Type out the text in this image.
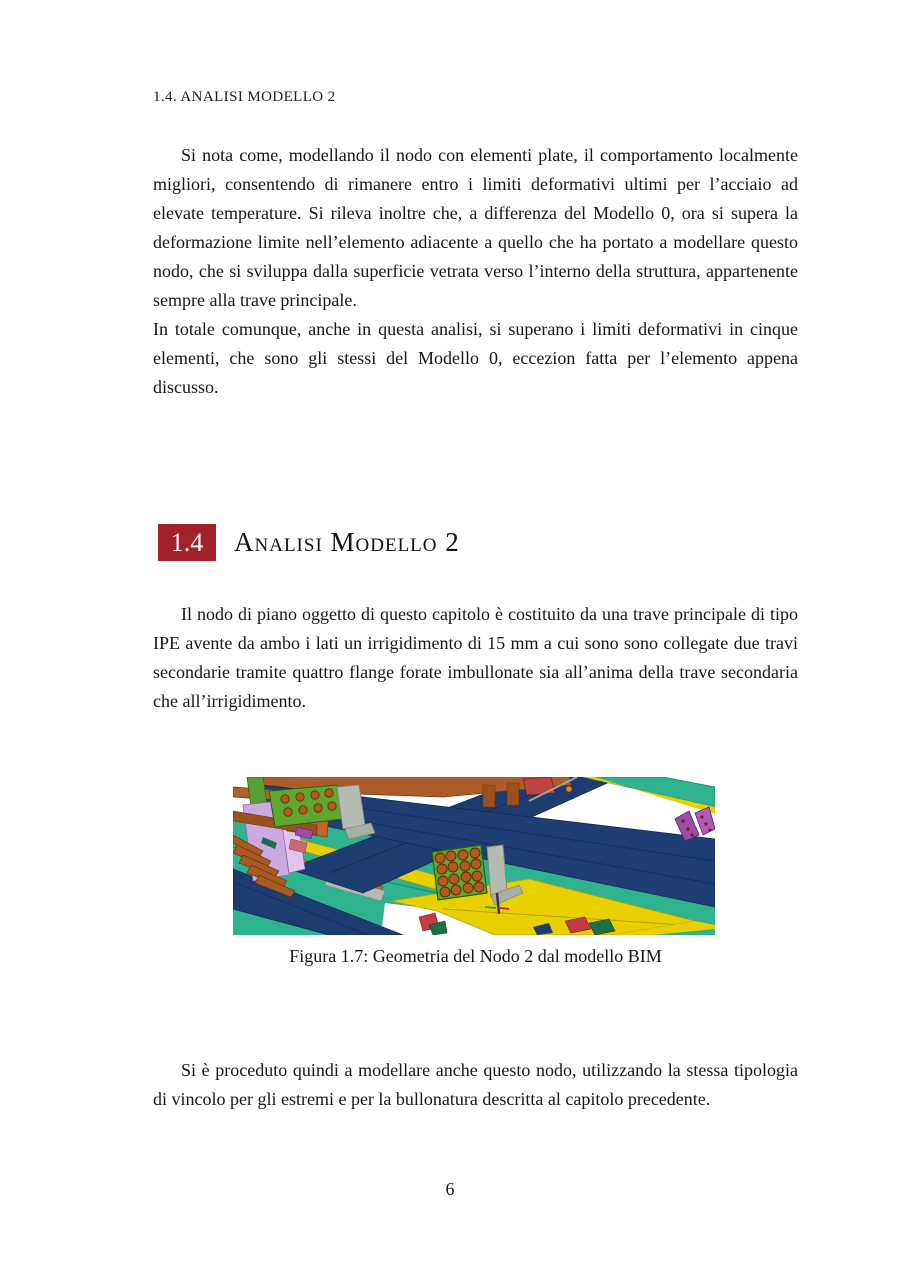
1.4. ANALISI MODELLO 2

Si nota come, modellando il nodo con elementi plate, il comportamento localmente migliori, consentendo di rimanere entro i limiti deformativi ultimi per l’acciaio ad elevate temperature. Si rileva inoltre che, a differenza del Modello 0, ora si supera la deformazione limite nell’elemento adiacente a quello che ha portato a modellare questo nodo, che si sviluppa dalla superficie vetrata verso l’interno della struttura, appartenente sempre alla trave principale.

In totale comunque, anche in questa analisi, si superano i limiti deformativi in cinque elementi, che sono gli stessi del Modello 0, eccezion fatta per l’elemento appena discusso.

1.4	Analisi Modello 2

Il nodo di piano oggetto di questo capitolo è costituito da una trave principale di tipo IPE avente da ambo i lati un irrigidimento di 15 mm a cui sono sono collegate due travi secondarie tramite quattro flange forate imbullonate sia all’anima della trave secondaria che all’irrigidimento.

Figura 1.7: Geometria del Nodo 2 dal modello BIM

Si è proceduto quindi a modellare anche questo nodo, utilizzando la stessa tipologia di vincolo per gli estremi e per la bullonatura descritta al capitolo precedente.

6
